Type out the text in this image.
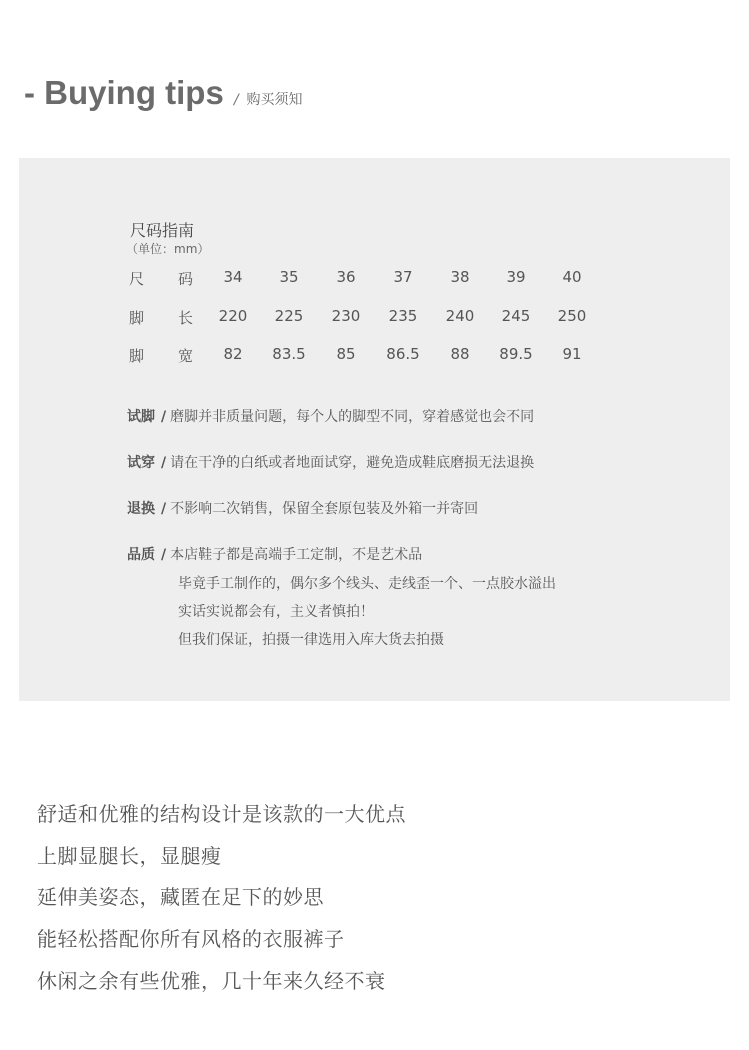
- Buying tips / 购买须知
尺码指南
（单位：mm）
尺 码	34	35	36	37	38	39	40
脚 长	220	225	230	235	240	245	250
脚 宽	82	83.5	85	86.5	88	89.5	91
试脚 / 磨脚并非质量问题，每个人的脚型不同，穿着感觉也会不同
试穿 / 请在干净的白纸或者地面试穿，避免造成鞋底磨损无法退换
退换 / 不影响二次销售，保留全套原包装及外箱一并寄回
品质 / 本店鞋子都是高端手工定制，不是艺术品
毕竟手工制作的，偶尔多个线头、走线歪一个、一点胶水溢出
实话实说都会有，主义者慎拍！
但我们保证，拍摄一律选用入库大货去拍摄
舒适和优雅的结构设计是该款的一大优点
上脚显腿长，显腿瘦
延伸美姿态，藏匿在足下的妙思
能轻松搭配你所有风格的衣服裤子
休闲之余有些优雅，几十年来久经不衰
